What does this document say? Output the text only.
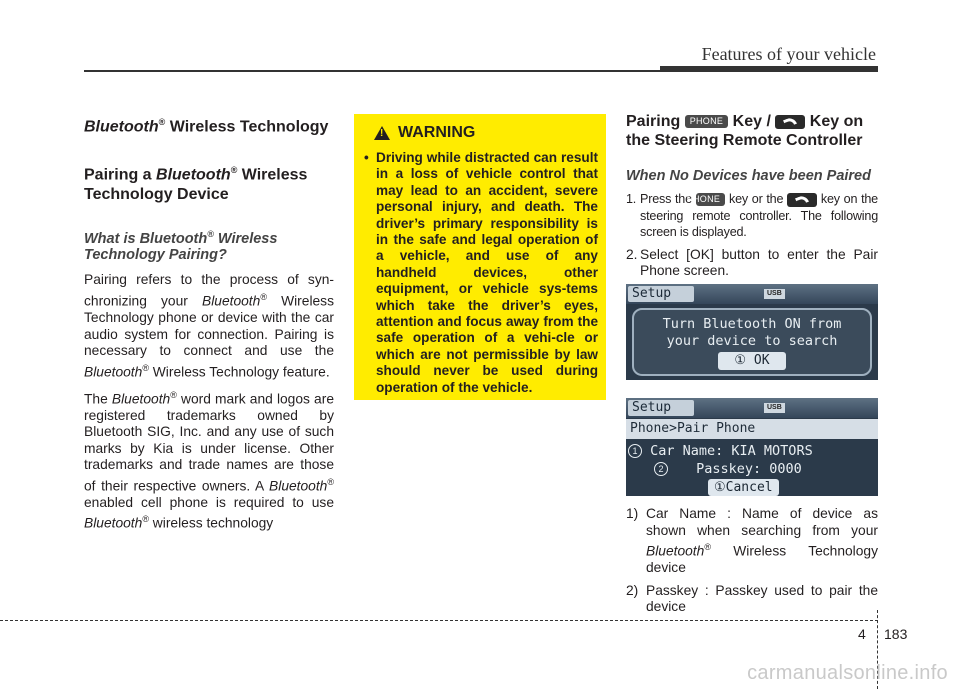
Features of your vehicle
Bluetooth® Wireless Technology
Pairing a Bluetooth® Wireless Technology Device
What is Bluetooth® Wireless Technology Pairing?

Pairing refers to the process of syn-chronizing your Bluetooth® Wireless Technology phone or device with the car audio system for connection. Pairing is necessary to connect and use the Bluetooth® Wireless Technology feature.

The Bluetooth® word mark and logos are registered trademarks owned by Bluetooth SIG, Inc. and any use of such marks by Kia is under license. Other trademarks and trade names are those of their respective owners. A Bluetooth® enabled cell phone is required to use Bluetooth® wireless technology

! WARNING
• Driving while distracted can result in a loss of vehicle control that may lead to an accident, severe personal injury, and death. The driver’s primary responsibility is in the safe and legal operation of a vehicle, and use of any handheld devices, other equipment, or vehicle sys-tems which take the driver’s eyes, attention and focus away from the safe operation of a vehi-cle or which are not permissible by law should never be used during operation of the vehicle.
Pairing PHONE Key /  Key on the Steering Remote Controller
When No Devices have been Paired
1. Press the PHONE key or the  key on the steering remote controller. The following screen is displayed.
2. Select [OK] button to enter the Pair Phone screen.
Setup	USB
Turn Bluetooth ON from
your device to search
① OK
Setup	USB
Phone>Pair Phone
1 Car Name: KIA MOTORS
2 Passkey: 0000
①Cancel
1) Car Name : Name of device as shown when searching from your Bluetooth® Wireless Technology device
2) Passkey : Passkey used to pair the device
4 183
carmanualsonline.info
